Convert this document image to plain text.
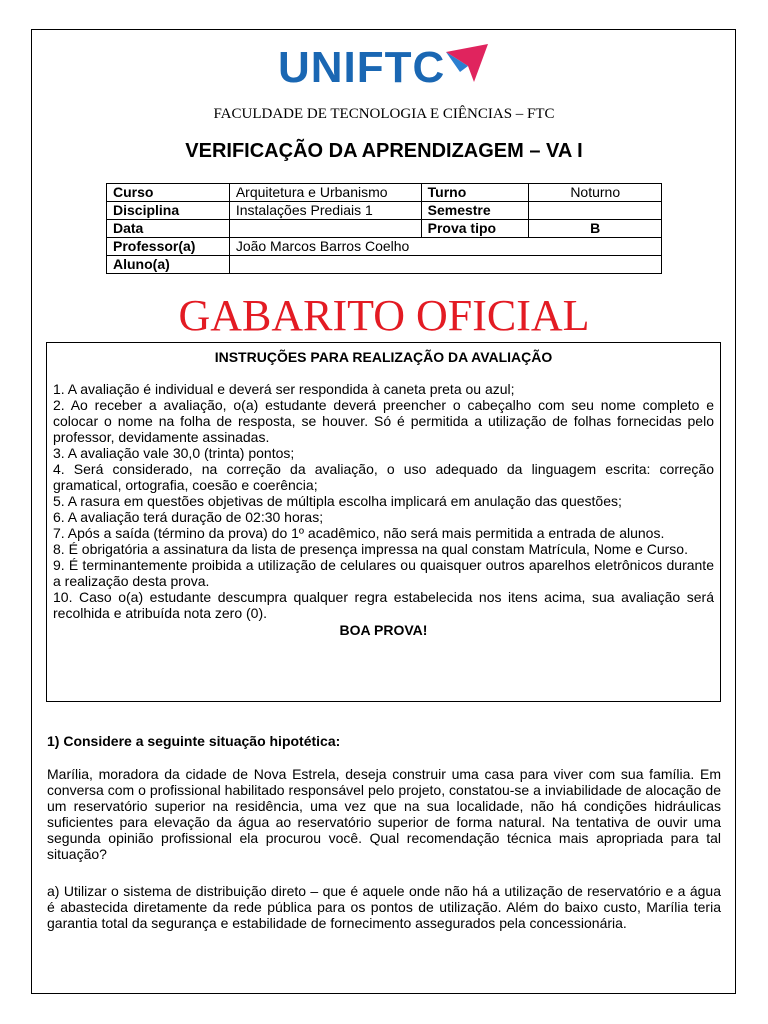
UNIFTC
FACULDADE DE TECNOLOGIA E CIÊNCIAS – FTC
VERIFICAÇÃO DA APRENDIZAGEM – VA I
Curso	Arquitetura e Urbanismo	Turno	Noturno
Disciplina	Instalações Prediais 1	Semestre	
Data		Prova tipo	B
Professor(a)	João Marcos Barros Coelho		
Aluno(a)			
GABARITO OFICIAL
INSTRUÇÕES PARA REALIZAÇÃO DA AVALIAÇÃO
1. A avaliação é individual e deverá ser respondida à caneta preta ou azul;
2. Ao receber a avaliação, o(a) estudante deverá preencher o cabeçalho com seu nome completo e colocar o nome na folha de resposta, se houver. Só é permitida a utilização de folhas fornecidas pelo professor, devidamente assinadas.
3. A avaliação vale 30,0 (trinta) pontos;
4. Será considerado, na correção da avaliação, o uso adequado da linguagem escrita: correção gramatical, ortografia, coesão e coerência;
5. A rasura em questões objetivas de múltipla escolha implicará em anulação das questões;
6. A avaliação terá duração de 02:30 horas;
7. Após a saída (término da prova) do 1º acadêmico, não será mais permitida a entrada de alunos.
8. É obrigatória a assinatura da lista de presença impressa na qual constam Matrícula, Nome e Curso.
9. É terminantemente proibida a utilização de celulares ou quaisquer outros aparelhos eletrônicos durante a realização desta prova.
10. Caso o(a) estudante descumpra qualquer regra estabelecida nos itens acima, sua avaliação será recolhida e atribuída nota zero (0).
BOA PROVA!
1) Considere a seguinte situação hipotética:
Marília, moradora da cidade de Nova Estrela, deseja construir uma casa para viver com sua família. Em conversa com o profissional habilitado responsável pelo projeto, constatou-se a inviabilidade de alocação de um reservatório superior na residência, uma vez que na sua localidade, não há condições hidráulicas suficientes para elevação da água ao reservatório superior de forma natural. Na tentativa de ouvir uma segunda opinião profissional ela procurou você. Qual recomendação técnica mais apropriada para tal situação?
a) Utilizar o sistema de distribuição direto – que é aquele onde não há a utilização de reservatório e a água é abastecida diretamente da rede pública para os pontos de utilização. Além do baixo custo, Marília teria garantia total da segurança e estabilidade de fornecimento assegurados pela concessionária.
